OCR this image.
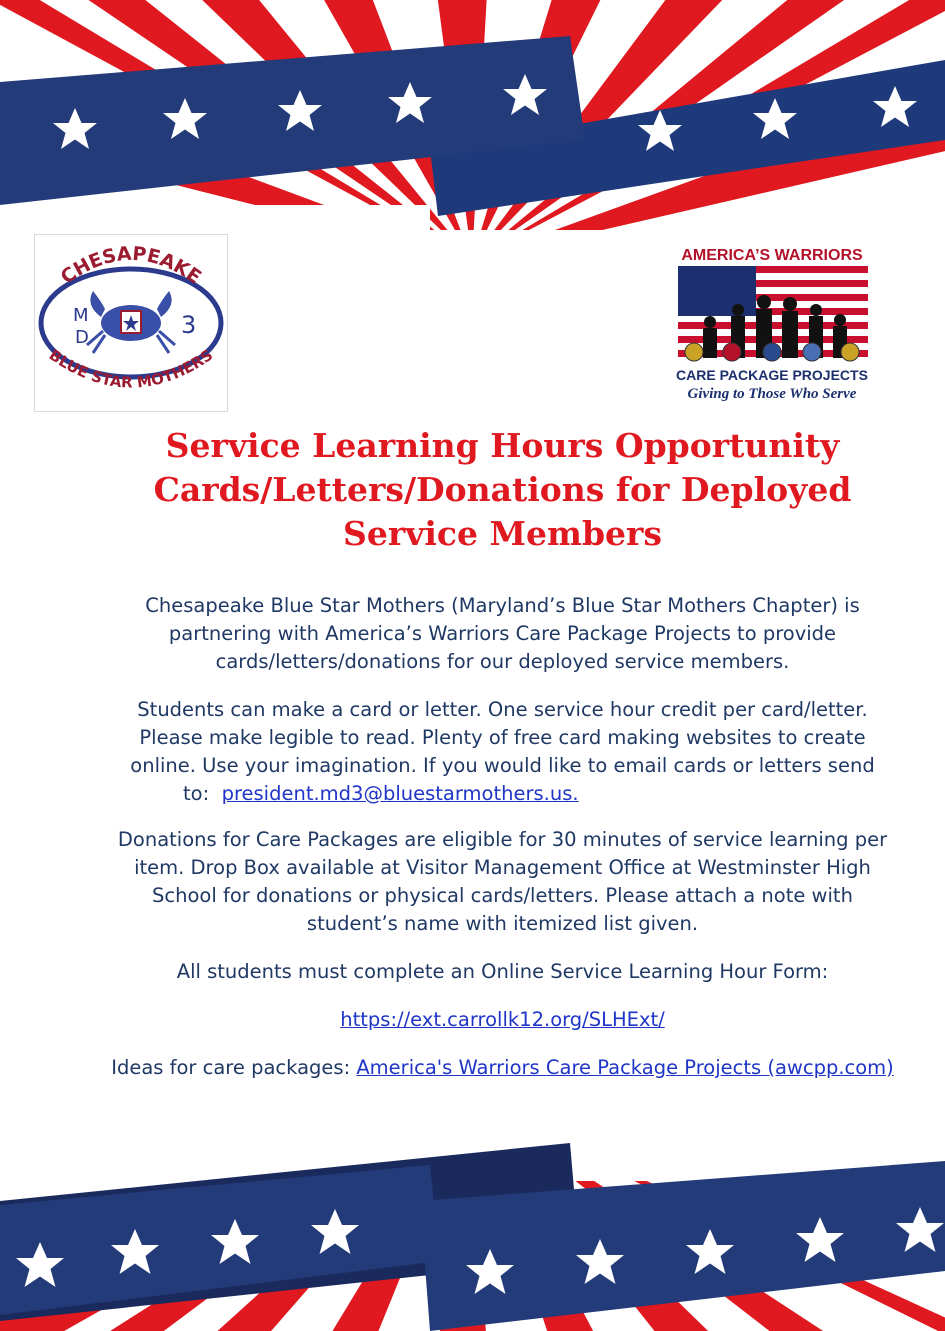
CHESAPEAKE
BLUE STAR MOTHERS
M
D	3
AMERICA’S WARRIORS
CARE PACKAGE PROJECTS
Giving to Those Who Serve
Service Learning Hours Opportunity
Cards/Letters/Donations for Deployed
Service Members

Chesapeake Blue Star Mothers (Maryland’s Blue Star Mothers Chapter) is partnering with America’s Warriors Care Package Projects to provide cards/letters/donations for our deployed service members.

Students can make a card or letter. One service hour credit per card/letter. Please make legible to read. Plenty of free card making websites to create online. Use your imagination. If you would like to email cards or letters send
to: president.md3@bluestarmothers.us.

Donations for Care Packages are eligible for 30 minutes of service learning per item. Drop Box available at Visitor Management Office at Westminster High School for donations or physical cards/letters. Please attach a note with student’s name with itemized list given.

All students must complete an Online Service Learning Hour Form:

https://ext.carrollk12.org/SLHExt/

Ideas for care packages: America's Warriors Care Package Projects (awcpp.com)
